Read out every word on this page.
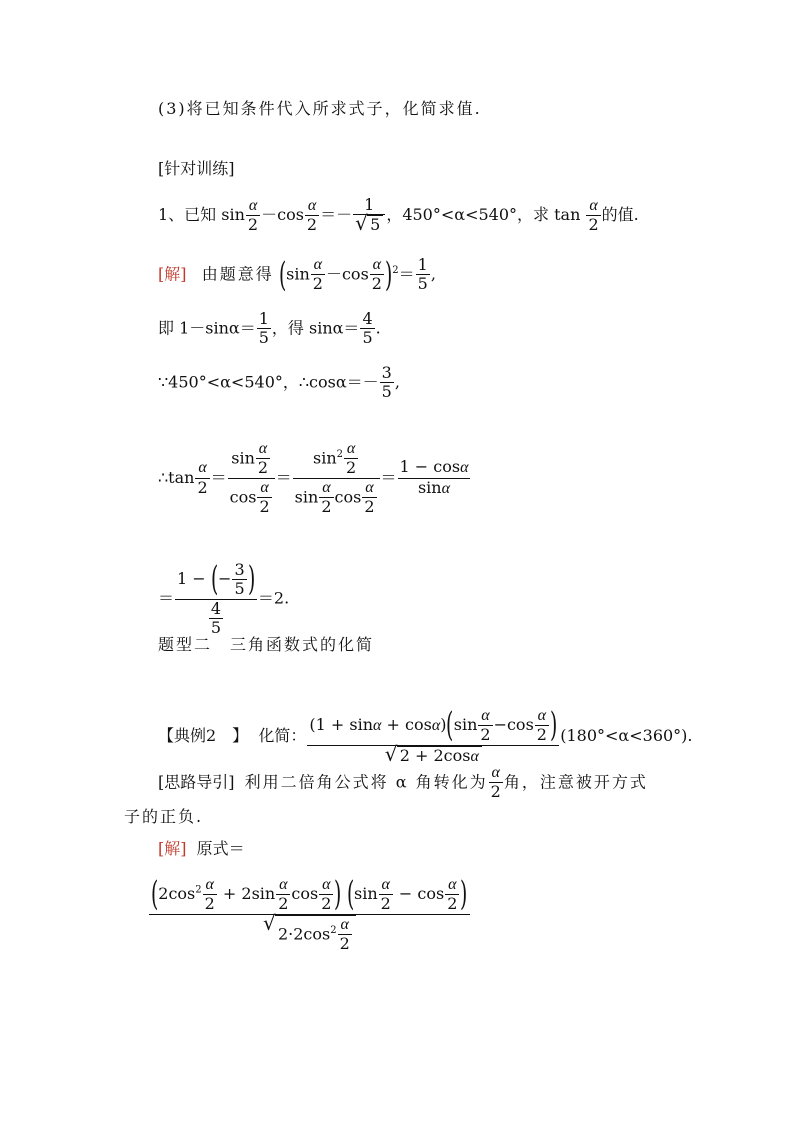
(3)将已知条件代入所求式子，化简求值.
[针对训练]
1、已知 $\sin \frac{\alpha}{2} -\cos \frac{\alpha}{2} =- 1$
√ 5 ，450°<α<540°，求 $\tan \frac{\alpha}{2}$ 的值.
[解] 由题意得 $(\sin \frac{\alpha}{2} -\cos \frac{\alpha}{2} )^2= \frac{1}{5}$ ,
即 $1-\sin\alpha= \frac{1}{5}$ ，得 $\sin\alpha= \frac{4}{5}$ .
∵450°<α<540°，∴cosα＝－ $\frac{3}{5}$ ,
∴tan $\frac{\alpha}{2} = \frac{\sin \frac{\alpha}{2}}{\cos \frac{\alpha}{2}} = \frac{\sin^2 \frac{\alpha}{2}}{\sin \frac{\alpha}{2} \cos \frac{\alpha}{2}} = \frac{1 - \cos\alpha}{\sin\alpha}$
＝ $\frac{1 - (- \frac{3}{5} )}{\frac{4}{5}} =2$.
题型二　三角函数式的化简
【典例2　】 化简： $(1 + \sin\alpha + \cos\alpha)(\sin \frac{\alpha}{2} -\cos \frac{\alpha}{2}$ )
√ 2 + 2cosα (180°<α<360°).
[思路导引] 利用二倍角公式将 α 角转化为 $\frac{\alpha}{2}$ 角，注意被开方式
子的正负.
[解] 原式＝
($2\cos^2 \frac{\alpha}{2} + 2\sin \frac{\alpha}{2}$ $\cos \frac{\alpha}{2}$ ) ($\sin \frac{\alpha}{2} - \cos \frac{\alpha}{2}$ )
√ $2\cdot 2\cos^2 \frac{\alpha}{2}$
